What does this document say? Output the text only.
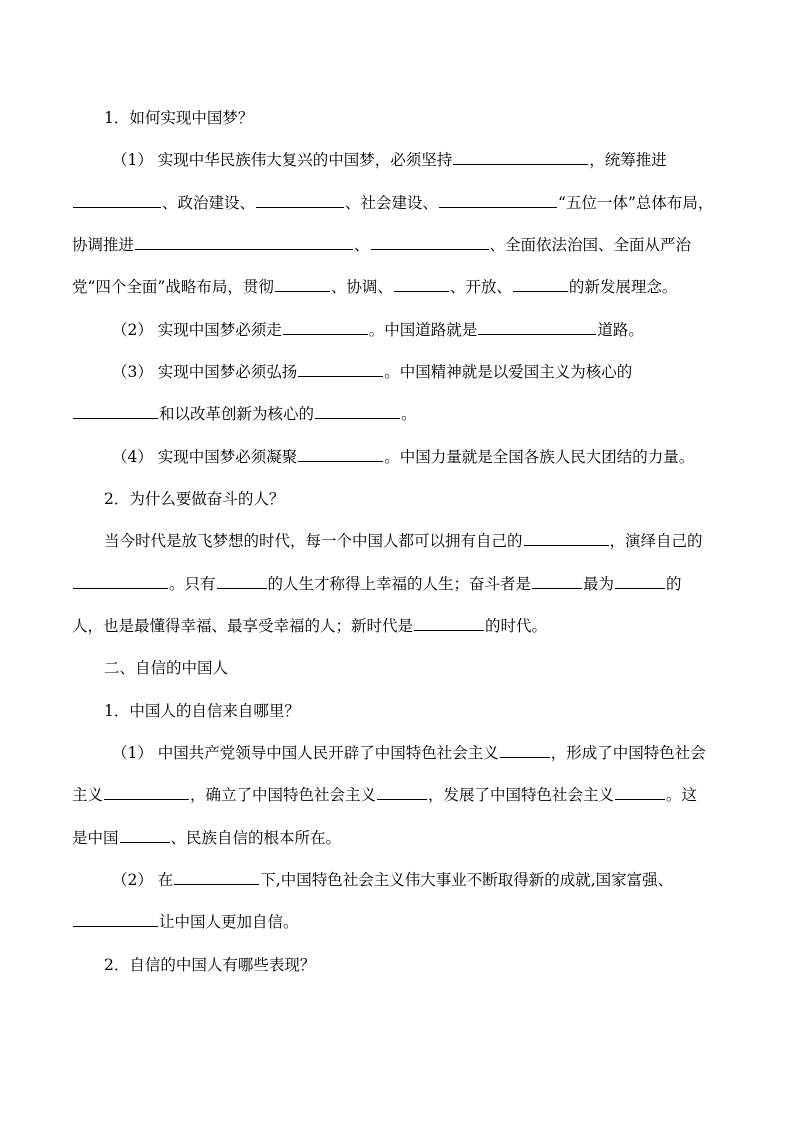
1．如何实现中国梦？
（1） 实现中华民族伟大复兴的中国梦，必须坚持	，统筹推进
、政治建设、	、社会建设、	“五位一体”总体布局，
协调推进	、	、全面依法治国、全面从严治
党“四个全面”战略布局，贯彻	、协调、	、开放、	的新发展理念。
（2） 实现中国梦必须走	。中国道路就是	道路。
（3） 实现中国梦必须弘扬	。中国精神就是以爱国主义为核心的
和以改革创新为核心的	。
（4） 实现中国梦必须凝聚	。中国力量就是全国各族人民大团结的力量。
2．为什么要做奋斗的人？
当今时代是放飞梦想的时代，每一个中国人都可以拥有自己的	，演绎自己的
。只有	的人生才称得上幸福的人生；奋斗者是	最为	的
人，也是最懂得幸福、最享受幸福的人；新时代是	的时代。
二、自信的中国人
1．中国人的自信来自哪里？
（1） 中国共产党领导中国人民开辟了中国特色社会主义	，形成了中国特色社会
主义	，确立了中国特色社会主义	，发展了中国特色社会主义	。这
是中国	、民族自信的根本所在。
（2） 在	下,中国特色社会主义伟大事业不断取得新的成就,国家富强、
让中国人更加自信。
2．自信的中国人有哪些表现？
